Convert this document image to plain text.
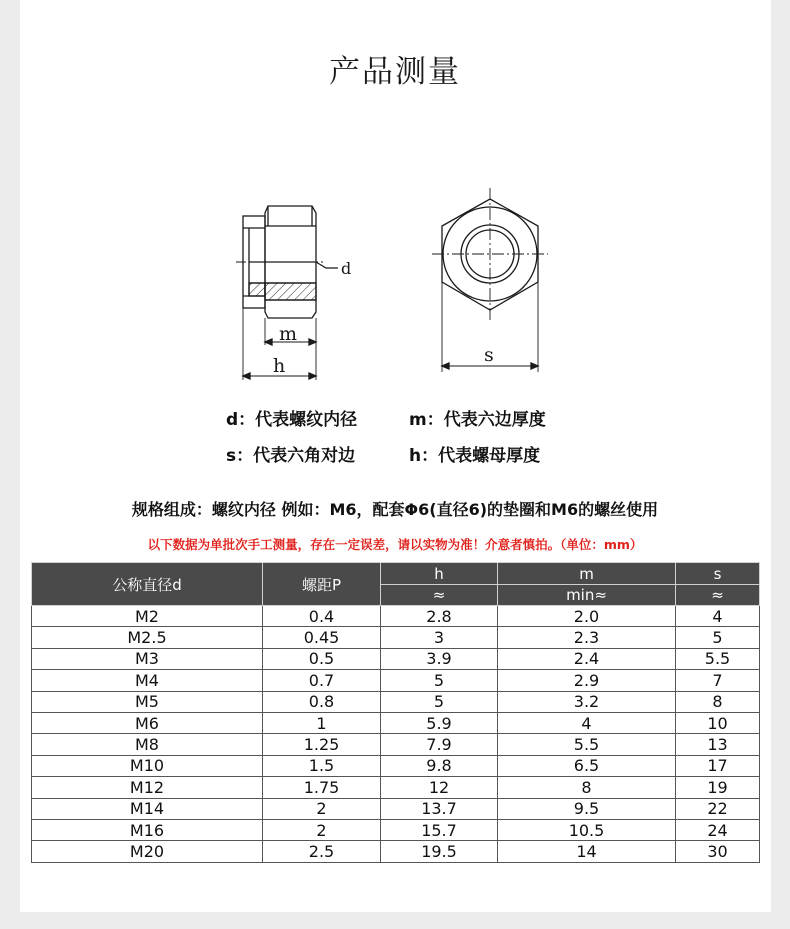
产品测量
d
m
h	s
d：代表螺纹内径	m：代表六边厚度
s：代表六角对边	h：代表螺母厚度
规格组成：螺纹内径 例如：M6，配套Φ6(直径6)的垫圈和M6的螺丝使用
以下数据为单批次手工测量，存在一定误差，请以实物为准！介意者慎拍。（单位：mm）
公称直径d	螺距P	h	m	s
		≈	min≈	≈
M2	0.4	2.8	2.0	4
M2.5	0.45	3	2.3	5
M3	0.5	3.9	2.4	5.5
M4	0.7	5	2.9	7
M5	0.8	5	3.2	8
M6	1	5.9	4	10
M8	1.25	7.9	5.5	13
M10	1.5	9.8	6.5	17
M12	1.75	12	8	19
M14	2	13.7	9.5	22
M16	2	15.7	10.5	24
M20	2.5	19.5	14	30
